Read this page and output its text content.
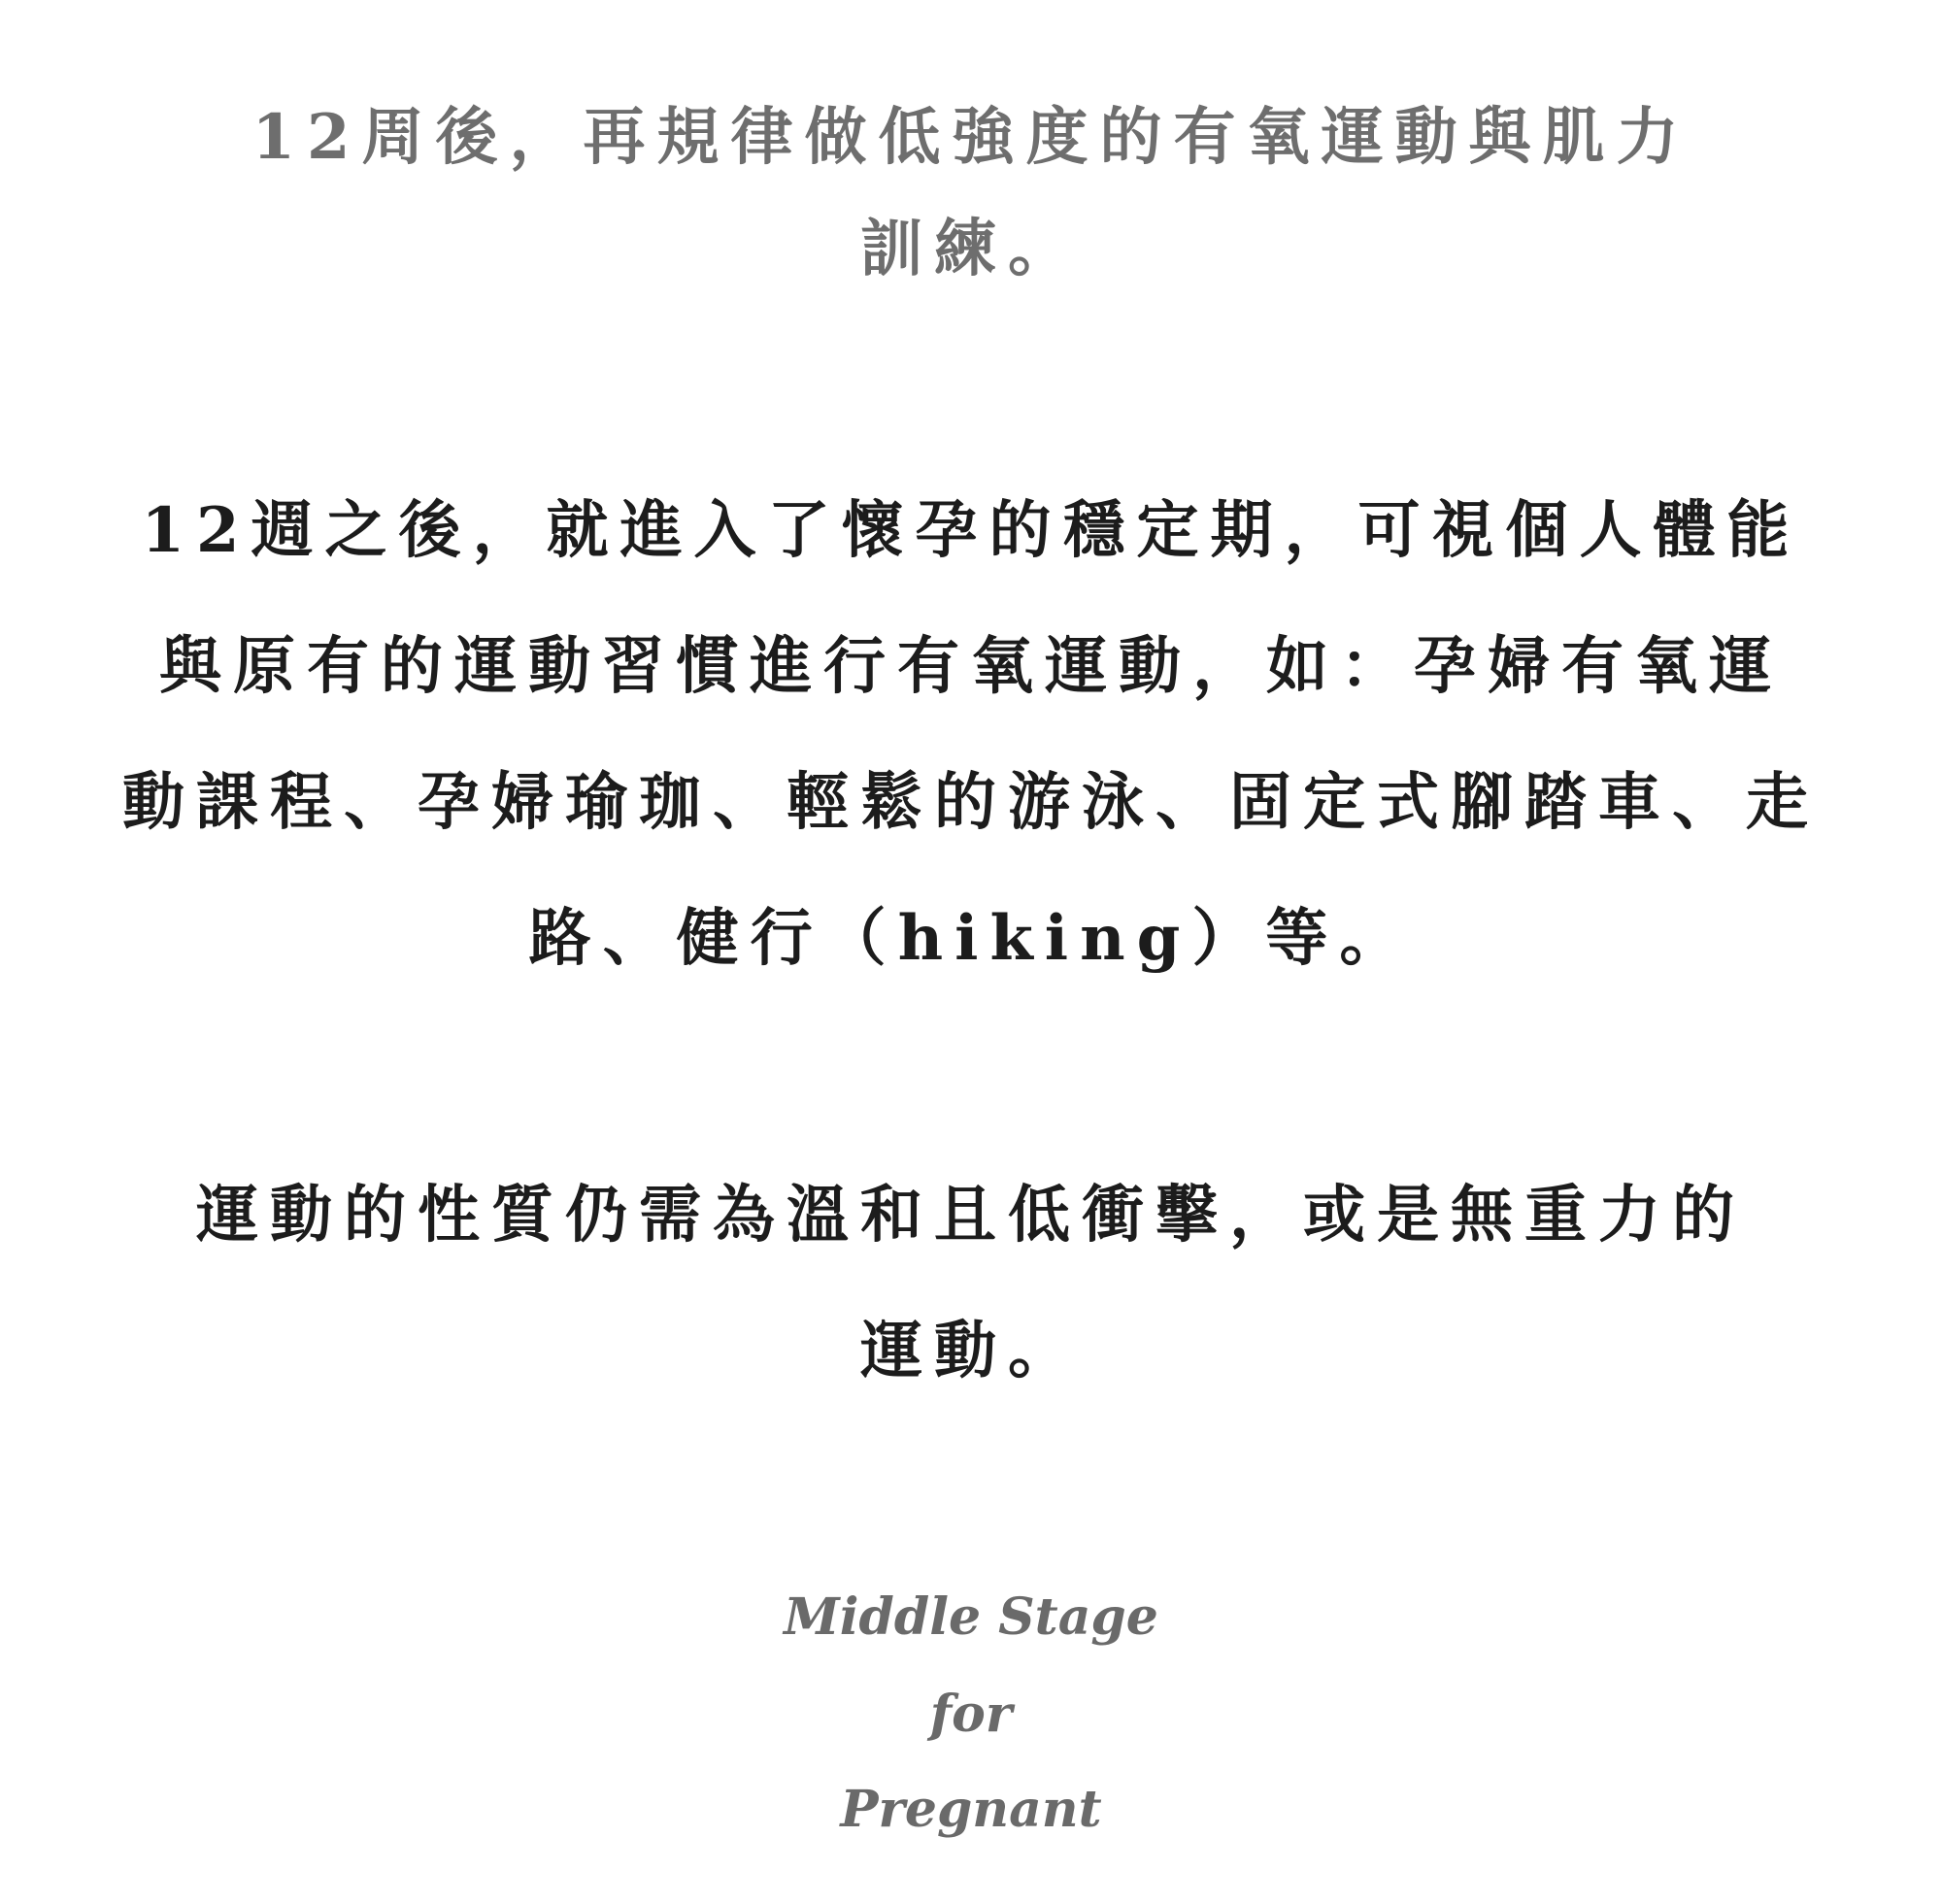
12周後，再規律做低強度的有氧運動與肌力
訓練。
12週之後，就進入了懷孕的穩定期，可視個人體能
與原有的運動習慣進行有氧運動，如：孕婦有氧運
動課程、孕婦瑜珈、輕鬆的游泳、固定式腳踏車、走
路、健行（hiking）等。
運動的性質仍需為溫和且低衝擊，或是無重力的
運動。
Middle Stage
for
Pregnant
